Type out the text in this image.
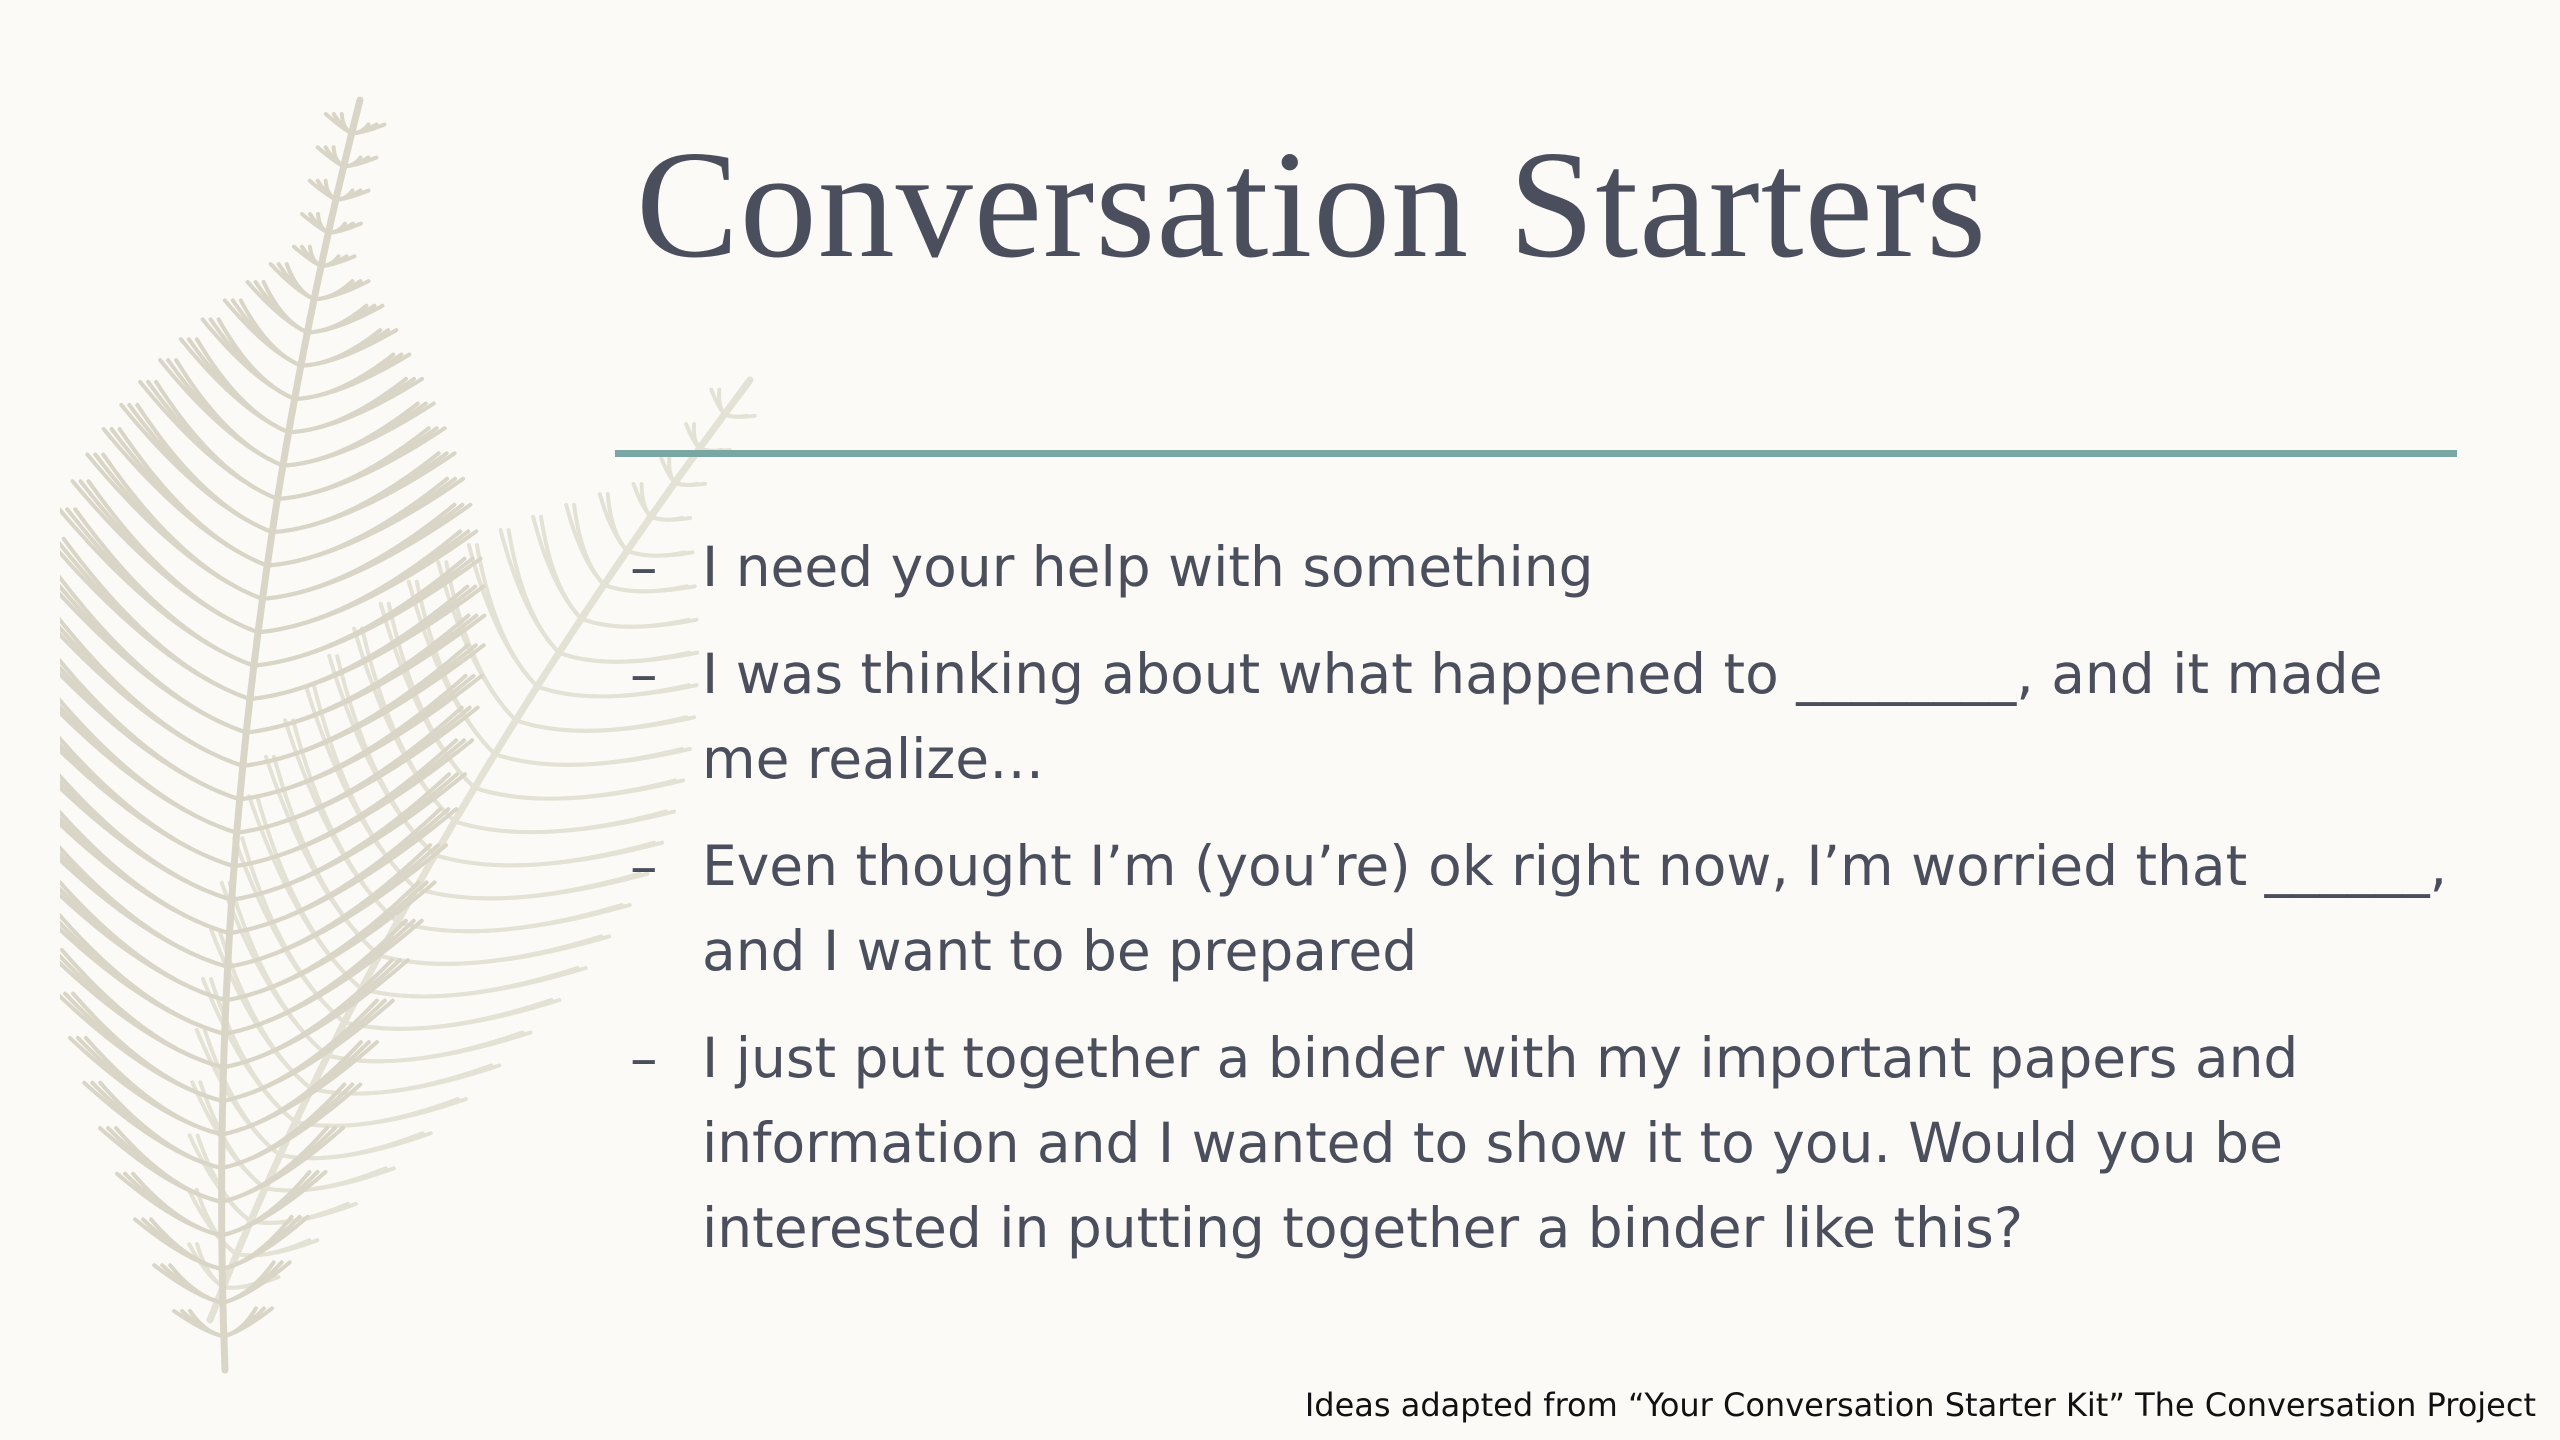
Conversation Starters
– I need your help with something
– I was thinking about what happened to ________, and it made me realize…
– Even thought I’m (you’re) ok right now, I’m worried that ______, and I want to be prepared
– I just put together a binder with my important papers and information and I wanted to show it to you. Would you be interested in putting together a binder like this?
Ideas adapted from “Your Conversation Starter Kit” The Conversation Project
